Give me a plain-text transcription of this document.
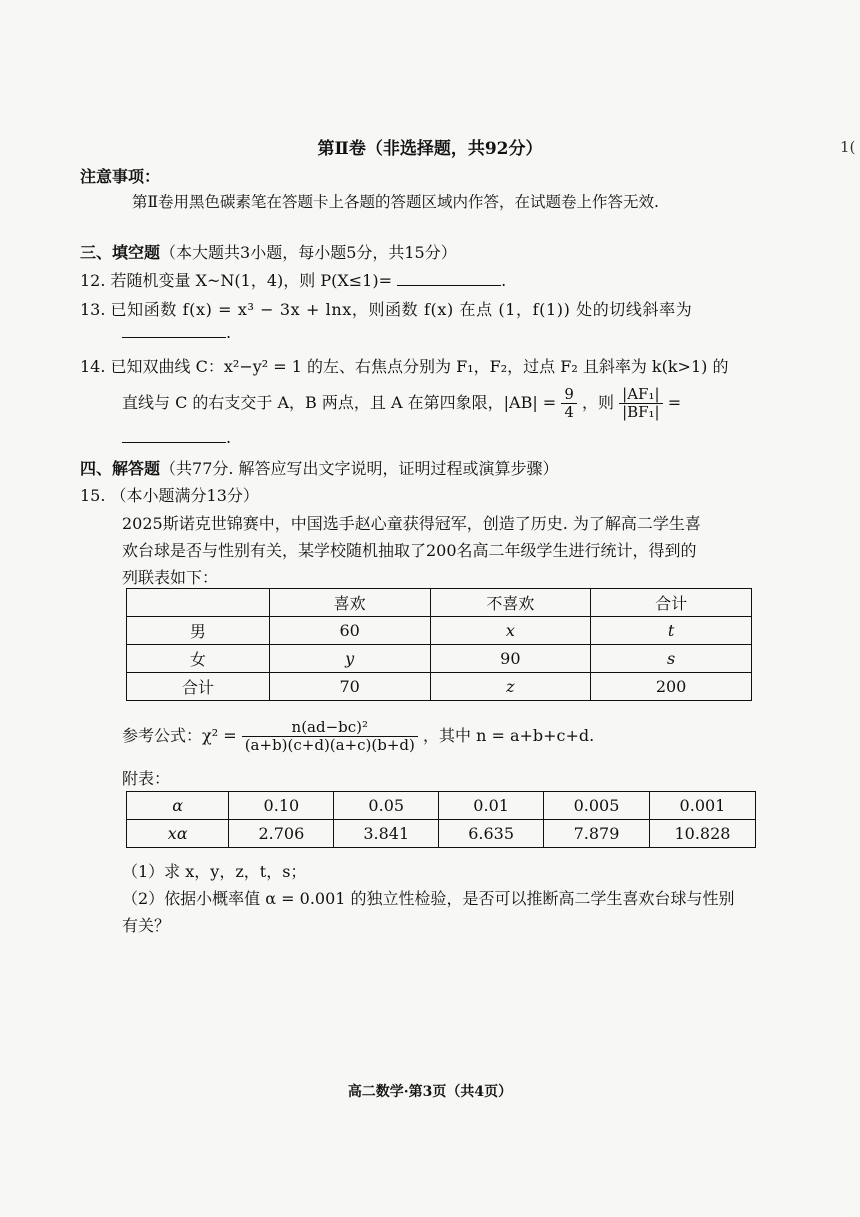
第Ⅱ卷（非选择题，共92分）	1(
注意事项：
第Ⅱ卷用黑色碳素笔在答题卡上各题的答题区域内作答，在试题卷上作答无效.
三、填空题（本大题共3小题，每小题5分，共15分）
12. 若随机变量 X~N(1，4)，则 P(X≤1)=	.
13. 已知函数 f(x) = x³ − 3x + lnx，则函数 f(x) 在点 (1，f(1)) 处的切线斜率为
.
14. 已知双曲线 C：x²−y² = 1 的左、右焦点分别为 F₁，F₂，过点 F₂ 且斜率为 k(k>1) 的
直线与 C 的右支交于 A，B 两点，且 A 在第四象限，$|AB| = \frac{9}{4}$ ，则 $\frac{\text{|AF₁|}}{\text{|BF₁|}}$ =
.
四、解答题（共77分. 解答应写出文字说明，证明过程或演算步骤）
15. （本小题满分13分）
2025斯诺克世锦赛中，中国选手赵心童获得冠军，创造了历史. 为了解高二学生喜
欢台球是否与性别有关，某学校随机抽取了200名高二年级学生进行统计，得到的
列联表如下：
	喜欢	不喜欢	合计
男	60	x	t
女	y	90	s
合计	70	z	200
参考公式：$\chi^2 = \frac{\text{n(ad−bc)²}}{(a+b)(c+d)(a+c)(b+d)}$ ，其中 n = a+b+c+d.
附表：
α	0.10	0.05	0.01	0.005	0.001
xα	2.706	3.841	6.635	7.879	10.828
（1）求 x，y，z，t，s；
（2）依据小概率值 α = 0.001 的独立性检验，是否可以推断高二学生喜欢台球与性别
有关？
高二数学·第3页（共4页）
